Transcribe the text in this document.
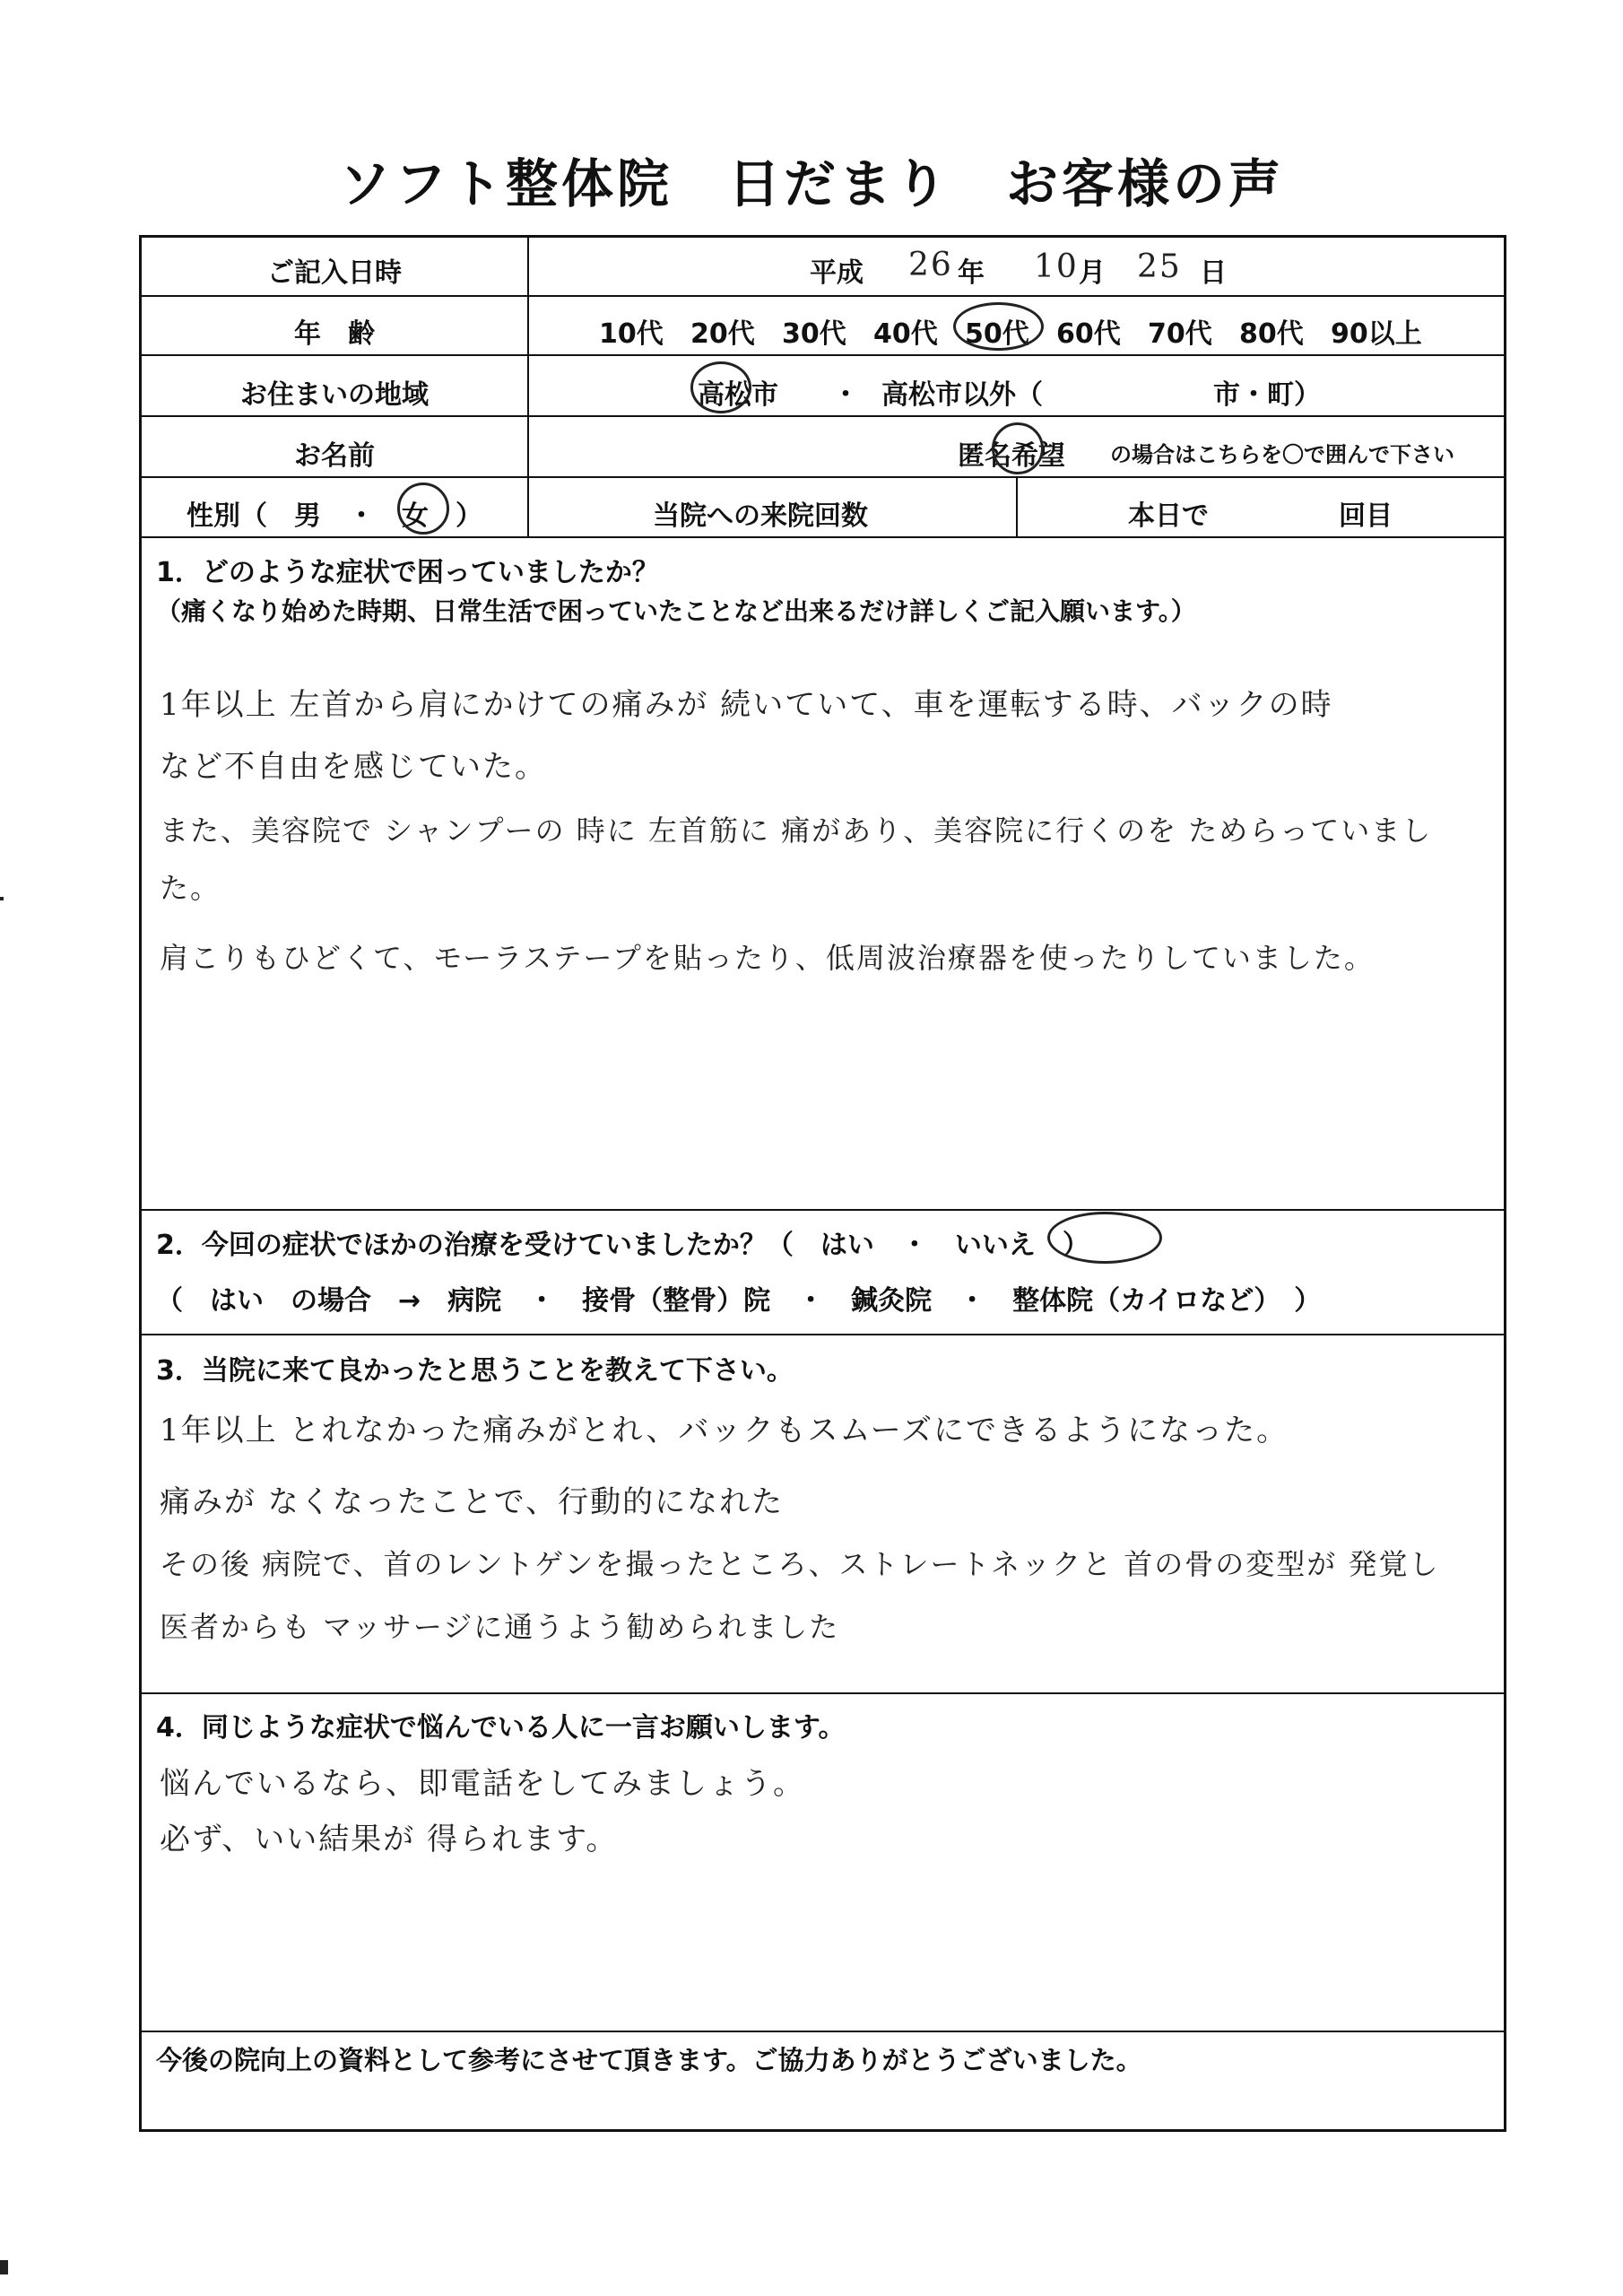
ソフト整体院　日だまり　お客様の声
ご記入日時	平成 26 年 10 月 25 日
年　齢	10代 20代 30代 40代 50代 60代 70代 80代 90以上
お住まいの地域	高松市 ・ 高松市以外（	市・町）
お名前	匿名希望 の場合はこちらを〇で囲んで下さい
性別（　男　・　女　）	当院への来院回数	本日で	回目
1．どのような症状で困っていましたか？
（痛くなり始めた時期、日常生活で困っていたことなど出来るだけ詳しくご記入願います。）
1年以上 左首から肩にかけての痛みが 続いていて、車を運転する時、バックの時
など不自由を感じていた。
また、美容院で シャンプーの 時に 左首筋に 痛があり、美容院に行くのを ためらっていまし
た。
肩こりもひどくて、モーラステープを貼ったり、低周波治療器を使ったりしていました。
2．今回の症状でほかの治療を受けていましたか？（　はい　・　いいえ　）
（　はい　の場合　→　病院　・　接骨（整骨）院　・　鍼灸院　・　整体院（カイロなど）　）
3．当院に来て良かったと思うことを教えて下さい。
1年以上 とれなかった痛みがとれ、バックもスムーズにできるようになった。
痛みが なくなったことで、行動的になれた
その後 病院で、首のレントゲンを撮ったところ、ストレートネックと 首の骨の変型が 発覚し
医者からも マッサージに通うよう勧められました
4．同じような症状で悩んでいる人に一言お願いします。
悩んでいるなら、即電話をしてみましょう。
必ず、いい結果が 得られます。
今後の院向上の資料として参考にさせて頂きます。ご協力ありがとうございました。
